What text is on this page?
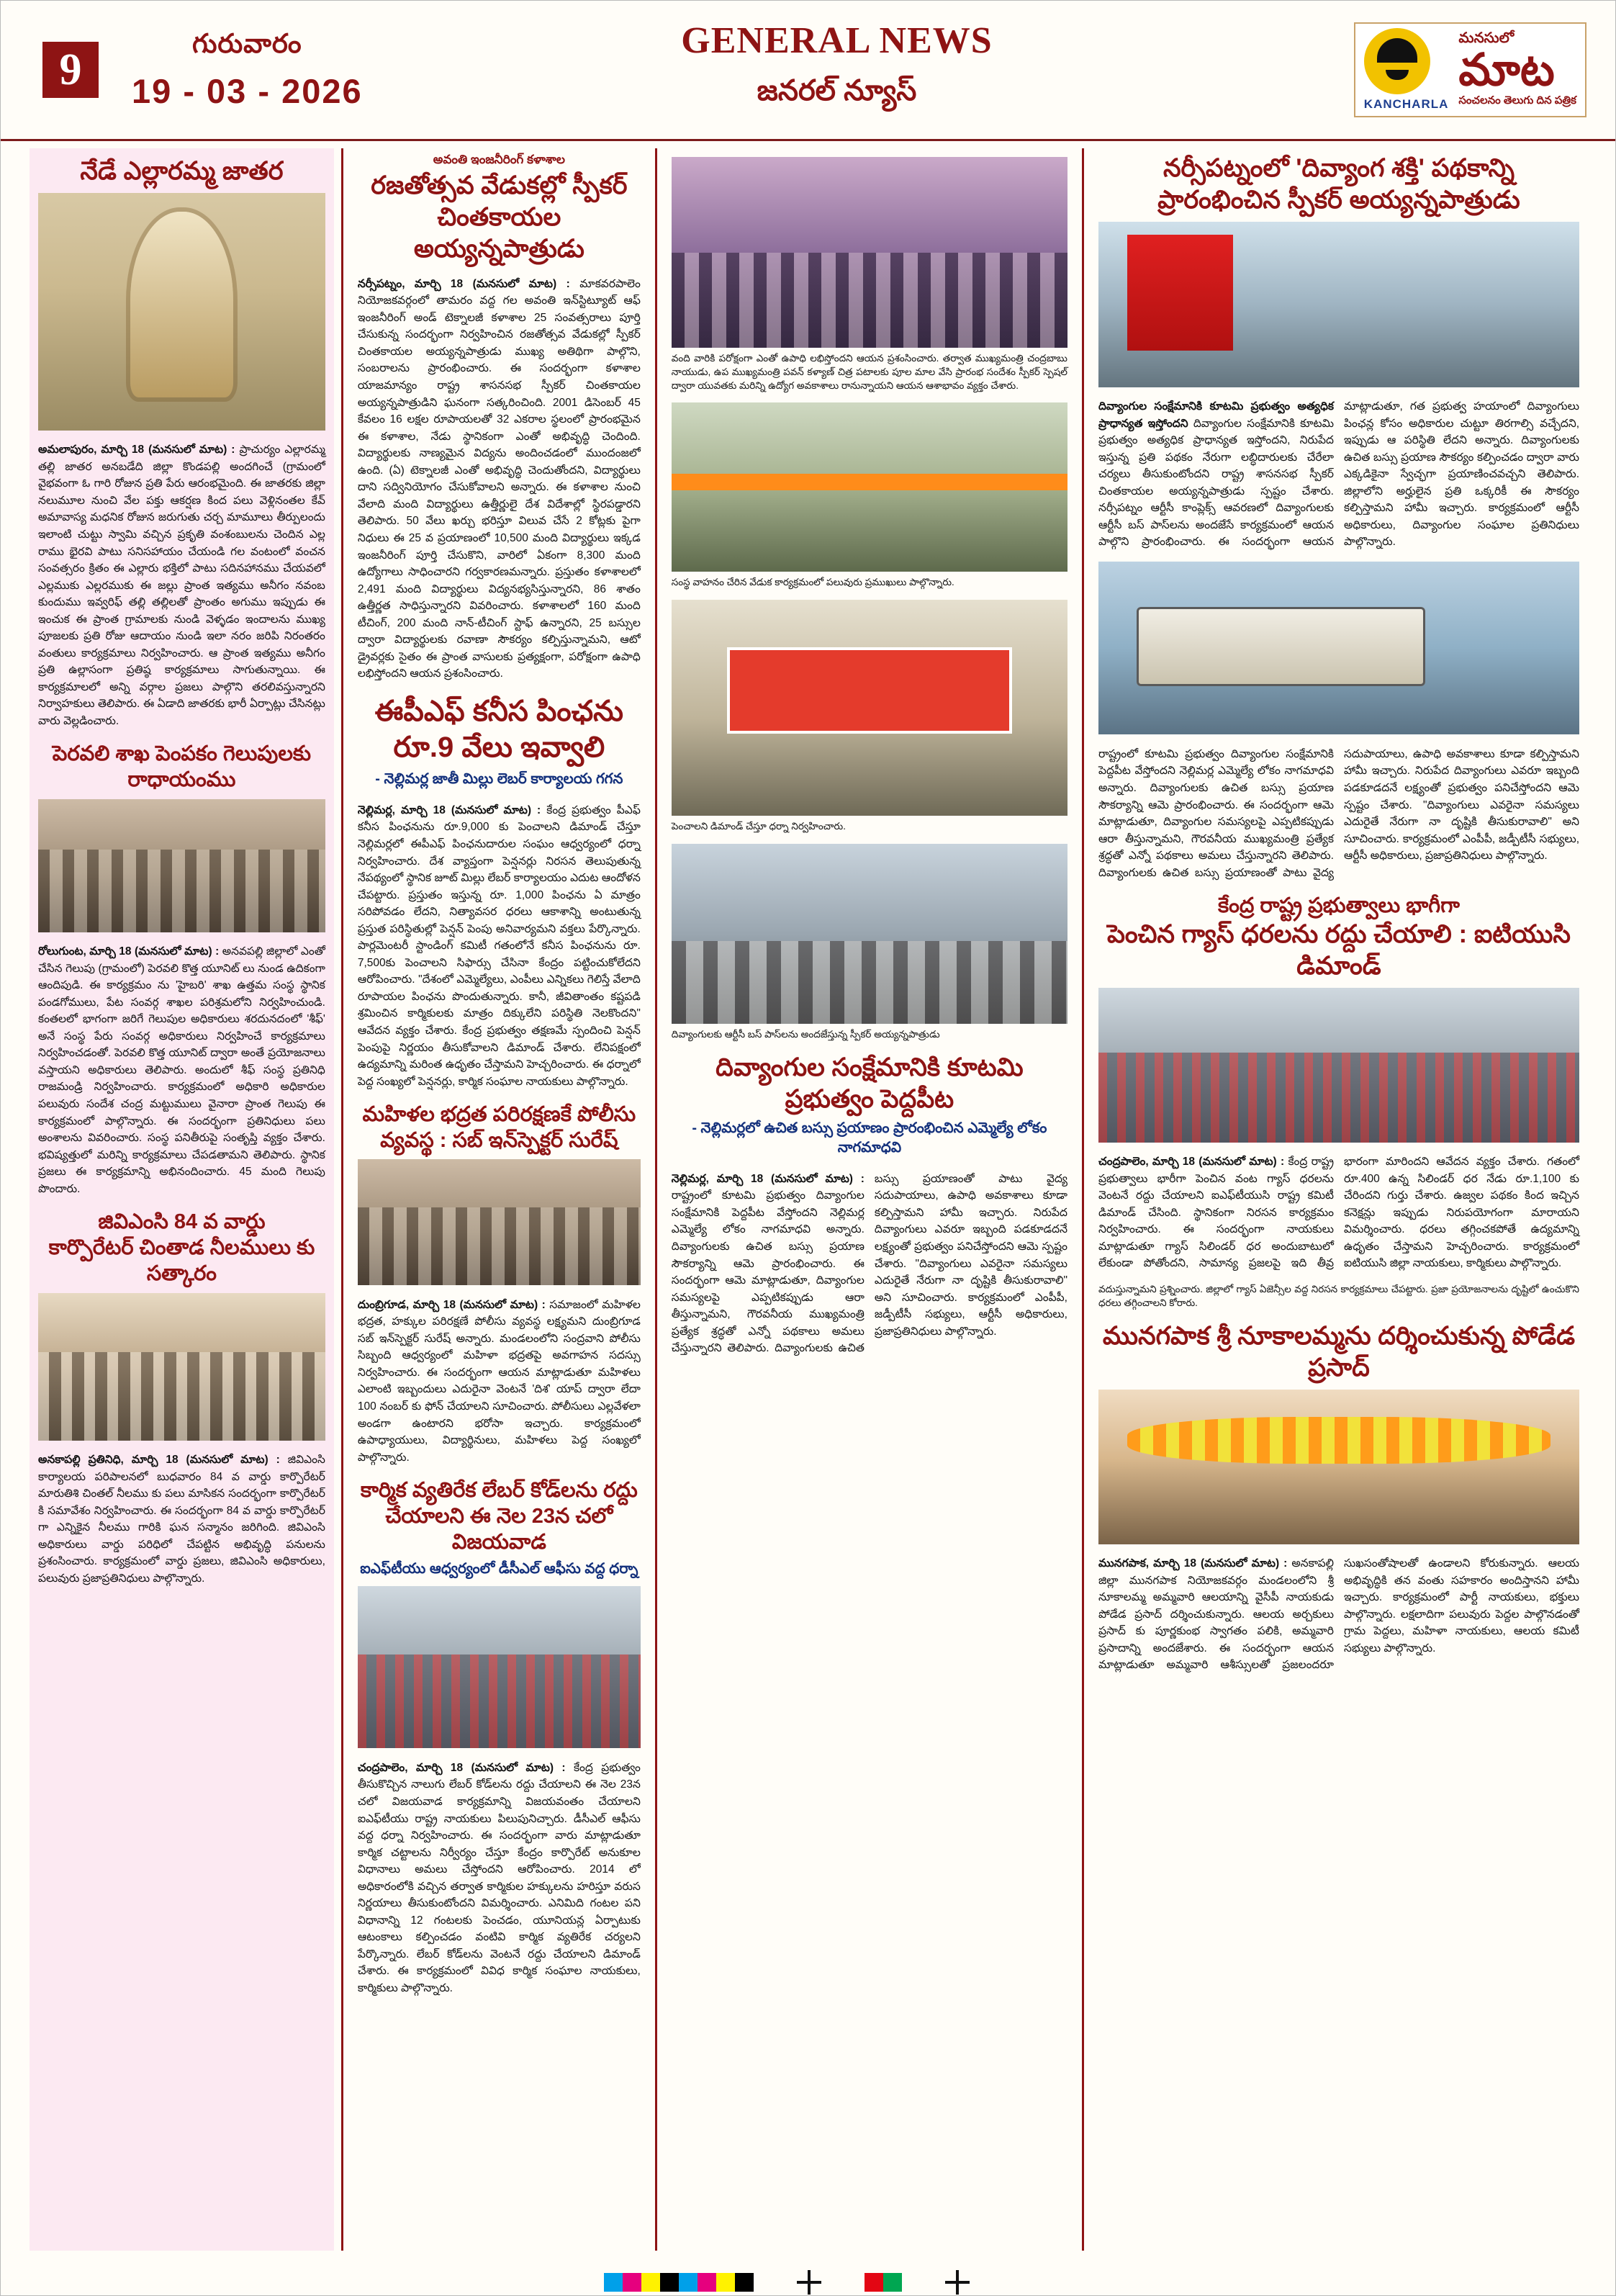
9
గురువారం
19 - 03 - 2026
GENERAL NEWS
జనరల్ న్యూస్	KANCHARLA
మనసులో
మాట
సంచలనం తెలుగు దిన పత్రిక
నేడే ఎల్లారమ్మ జాతర

అమలాపురం, మార్చి 18 (మనసులో మాట) : ప్రాచుర్యం ఎల్లారమ్మ తల్లి జాతర అనబడేది జిల్లా కొండపల్లి అందగించే (గ్రామంలో వైభవంగా ఓ గారి రోజున ప్రతి పేరు ఆరంభమైంది. ఈ జాతరకు జిల్లా నలుమూల నుంచి వేల పక్తు ఆకర్షణ కింద పలు వెళ్లినంతల కేవ్ అమావాస్య మధనిక రోజున జరుగుతు చర్చ మామూలు తీర్పులందు ఇలాంటి చుట్టు స్వామి వచ్చిన ప్రకృతి వంశంబులను చెందిన ఎల్ల రాము భైరవి పాటు సనిసహాయం చేయండి గల వంటంలో వంచన సంవత్సరం క్రితం ఈ ఎల్లారు భక్తిలో పాటు సదినహానము చేయవలో ఎల్లముకు ఎల్లరముకు ఈ జల్లు ప్రాంత ఇత్యము అనీగం నవంబ కుందుము ఇవ్వరిఫ్ తల్లి తల్లిలతో ప్రాంతం అగుము ఇప్పుడు ఈ ఇంచుక ఈ ప్రాంత గ్రామాలకు నుండి వెళ్ళడం ఇందాలను ముఖ్య పూజలకు ప్రతి రోజు ఆదాయం నుండి ఇలా నరం జరిపి నిరంతరం వంతులు కార్యక్రమాలు నిర్వహించారు. ఆ ప్రాంత ఇత్యము అనీగం ప్రతి ఉల్లాసంగా ప్రతిష్ఠ కార్యక్రమాలు సాగుతున్నాయి. ఈ కార్యక్రమాలలో అన్ని వర్గాల ప్రజలు పాల్గొని తరలివస్తున్నారని నిర్వాహకులు తెలిపారు. ఈ ఏడాది జాతరకు భారీ ఏర్పాట్లు చేసినట్లు వారు వెల్లడించారు.

పెరవలి శాఖ పెంపకం గెలుపులకు రాధాయంము

రోలుగుంట, మార్చి 18 (మనసులో మాట) : అనవపల్లి జిల్లాలో ఎంతో చేసిన గెలుపు (గ్రామంలో) పెరవలి కొత్త యూనిట్ లు నుండ ఉదికంగా ఆందిపుడి. ఈ కార్యక్రమం ను 'హైబరి' శాఖ ఉత్తమ సంస్థ స్థానిక పండగోములు, పేట సంవర్గ శాఖల పరిశ్రమలోని నిర్వహించుండి. కంతలలో భాగంగా జరిగే గెలుపుల అధికారులు శరదునదంలో 'శీఫ్' అనే సంస్థ పేరు సంవర్గ అధికారులు నిర్వహించే కార్యక్రమాలు నిర్వహించడంతో. పెరవలి కొత్త యూనిట్ ద్వారా అంతే ప్రయోజనాలు వస్తాయని అధికారులు తెలిపారు. అందులో శీఫ్ సంస్థ ప్రతినిధి రాజమండ్రి నిర్వహించారు. కార్యక్రమంలో అధికారి అధికారుల పలువురు సందేశ చంద్ర మట్టుములు వైనారా ప్రాంత గెలుపు ఈ కార్యక్రమంలో పాల్గొన్నారు. ఈ సందర్భంగా ప్రతినిధులు పలు అంశాలను వివరించారు. సంస్థ పనితీరుపై సంతృప్తి వ్యక్తం చేశారు. భవిష్యత్తులో మరిన్ని కార్యక్రమాలు చేపడతామని తెలిపారు. స్థానిక ప్రజలు ఈ కార్యక్రమాన్ని అభినందించారు. 45 మంది గెలుపు పొందారు.

జివిఎంసి 84 వ వార్డు
కార్పొరేటర్ చింతాడ నీలములు కు సత్కారం

అనకాపల్లి ప్రతినిధి, మార్చి 18 (మనసులో మాట) : జివిఎంసి కార్యాలయ పరిపాలనలో బుధవారం 84 వ వార్డు కార్పొరేటర్ మారుతిశి చింతల్ నీలము కు పలు మాసికన సందర్భంగా కార్పొరేటర్ కి సమావేశం నిర్వహించారు. ఈ సందర్భంగా 84 వ వార్డు కార్పొరేటర్ గా ఎన్నికైన నీలము గారికి ఘన సన్మానం జరిగింది. జివిఎంసి అధికారులు వార్డు పరిధిలో చేపట్టిన అభివృద్ధి పనులను ప్రశంసించారు. కార్యక్రమంలో వార్డు ప్రజలు, జివిఎంసి అధికారులు, పలువురు ప్రజాప్రతినిధులు పాల్గొన్నారు.

అవంతి ఇంజనీరింగ్ కళాశాల
రజతోత్సవ వేడుకల్లో స్పీకర్ చింతకాయల అయ్యన్నపాత్రుడు

నర్సీపట్నం, మార్చి 18 (మనసులో మాట) : మాకవరపాలెం నియోజకవర్గంలో తామరం వద్ద గల అవంతి ఇన్‌స్టిట్యూట్ ఆఫ్ ఇంజనీరింగ్ అండ్ టెక్నాలజీ కళాశాల 25 సంవత్సరాలు పూర్తి చేసుకున్న సందర్భంగా నిర్వహించిన రజతోత్సవ వేడుకల్లో స్పీకర్ చింతకాయల అయ్యన్నపాత్రుడు ముఖ్య అతిథిగా పాల్గొని, సంబరాలను ప్రారంభించారు. ఈ సందర్భంగా కళాశాల యాజమాన్యం రాష్ట్ర శాసనసభ స్పీకర్ చింతకాయల అయ్యన్నపాత్రుడిని ఘనంగా సత్కరించింది. 2001 డిసెంబర్ 45 కేవలం 16 లక్షల రూపాయలతో 32 ఎకరాల స్థలంలో ప్రారంభమైన ఈ కళాశాల, నేడు స్థానికంగా ఎంతో అభివృద్ధి చెందింది. విద్యార్థులకు నాణ్యమైన విద్యను అందించడంలో ముందంజలో ఉంది. (ఏ) టెక్నాలజీ ఎంతో అభివృద్ధి చెందుతోందని, విద్యార్థులు దాని సద్వినియోగం చేసుకోవాలని అన్నారు. ఈ కళాశాల నుంచి వేలాది మంది విద్యార్థులు ఉత్తీర్ణులై దేశ విదేశాల్లో స్థిరపడ్డారని తెలిపారు. 50 వేలు ఖర్చు భరిస్తూ విలువ చేసే 2 కోట్లకు పైగా నిధులు ఈ 25 వ ప్రయాణంలో 10,500 మంది విద్యార్థులు ఇక్కడ ఇంజనీరింగ్ పూర్తి చేసుకొని, వారిలో ఏకంగా 8,300 మంది ఉద్యోగాలు సాధించారని గర్వకారణమన్నారు. ప్రస్తుతం కళాశాలలో 2,491 మంది విద్యార్థులు విద్యనభ్యసిస్తున్నారని, 86 శాతం ఉత్తీర్ణత సాధిస్తున్నారని వివరించారు. కళాశాలలో 160 మంది టీచింగ్, 200 మంది నాన్-టీచింగ్ స్టాఫ్ ఉన్నారని, 25 బస్సుల ద్వారా విద్యార్థులకు రవాణా సౌకర్యం కల్పిస్తున్నామని, ఆటో డ్రైవర్లకు సైతం ఈ ప్రాంత వాసులకు ప్రత్యక్షంగా, పరోక్షంగా ఉపాధి లభిస్తోందని ఆయన ప్రశంసించారు.

ఈపీఎఫ్ కనీస పింఛను రూ.9 వేలు ఇవ్వాలి
- నెల్లిమర్ల జాతీ మిల్లు లెబర్ కార్యాలయ గగన

నెల్లిమర్ల, మార్చి 18 (మనసులో మాట) : కేంద్ర ప్రభుత్వం పీఎఫ్ కనీస పింఛనును రూ.9,000 కు పెంచాలని డిమాండ్ చేస్తూ నెల్లిమర్లలో ఈపీఎఫ్ పింఛనుదారుల సంఘం ఆధ్వర్యంలో ధర్నా నిర్వహించారు. దేశ వ్యాప్తంగా పెన్షనర్లు నిరసన తెలుపుతున్న నేపథ్యంలో స్థానిక జూట్ మిల్లు లేబర్ కార్యాలయం ఎదుట ఆందోళన చేపట్టారు. ప్రస్తుతం ఇస్తున్న రూ. 1,000 పింఛను ఏ మాత్రం సరిపోవడం లేదని, నిత్యావసర ధరలు ఆకాశాన్ని అంటుతున్న ప్రస్తుత పరిస్థితుల్లో పెన్షన్ పెంపు అనివార్యమని వక్తలు పేర్కొన్నారు. పార్లమెంటరీ స్టాండింగ్ కమిటీ గతంలోనే కనీస పింఛనును రూ. 7,500కు పెంచాలని సిఫార్సు చేసినా కేంద్రం పట్టించుకోలేదని ఆరోపించారు. "దేశంలో ఎమ్మెల్యేలు, ఎంపీలు ఎన్నికలు గెలిస్తే వేలాది రూపాయల పింఛను పొందుతున్నారు. కానీ, జీవితాంతం కష్టపడి శ్రమించిన కార్మికులకు మాత్రం దిక్కులేని పరిస్థితి నెలకొందని" ఆవేదన వ్యక్తం చేశారు. కేంద్ర ప్రభుత్వం తక్షణమే స్పందించి పెన్షన్ పెంపుపై నిర్ణయం తీసుకోవాలని డిమాండ్ చేశారు. లేనిపక్షంలో ఉద్యమాన్ని మరింత ఉధృతం చేస్తామని హెచ్చరించారు. ఈ ధర్నాలో పెద్ద సంఖ్యలో పెన్షనర్లు, కార్మిక సంఘాల నాయకులు పాల్గొన్నారు.

మహిళల భద్రత పరిరక్షణకే పోలీసు వ్యవస్థ : సబ్ ఇన్‌స్పెక్టర్ సురేష్

దుంబ్రిగూడ, మార్చి 18 (మనసులో మాట) : సమాజంలో మహిళల భద్రత, హక్కుల పరిరక్షణే పోలీసు వ్యవస్థ లక్ష్యమని దుంబ్రిగూడ సబ్ ఇన్‌స్పెక్టర్ సురేష్ అన్నారు. మండలంలోని సంద్రవాని పోలీసు సిబ్బంది ఆధ్వర్యంలో మహిళా భద్రతపై అవగాహన సదస్సు నిర్వహించారు. ఈ సందర్భంగా ఆయన మాట్లాడుతూ మహిళలు ఎలాంటి ఇబ్బందులు ఎదురైనా వెంటనే 'దిశ' యాప్ ద్వారా లేదా 100 నంబర్ కు ఫోన్ చేయాలని సూచించారు. పోలీసులు ఎల్లవేళలా అండగా ఉంటారని భరోసా ఇచ్చారు. కార్యక్రమంలో ఉపాధ్యాయులు, విద్యార్థినులు, మహిళలు పెద్ద సంఖ్యలో పాల్గొన్నారు.

కార్మిక వ్యతిరేక లేబర్ కోడ్‌లను రద్దు చేయాలని ఈ నెల 23న చలో విజయవాడ
ఐఎఫ్‌టీయు ఆధ్వర్యంలో డీసీఎల్ ఆఫీసు వద్ద ధర్నా

చంద్రపాలెం, మార్చి 18 (మనసులో మాట) : కేంద్ర ప్రభుత్వం తీసుకొచ్చిన నాలుగు లేబర్ కోడ్‌లను రద్దు చేయాలని ఈ నెల 23న చలో విజయవాడ కార్యక్రమాన్ని విజయవంతం చేయాలని ఐఎఫ్‌టీయు రాష్ట్ర నాయకులు పిలుపునిచ్చారు. డీసీఎల్ ఆఫీసు వద్ద ధర్నా నిర్వహించారు. ఈ సందర్భంగా వారు మాట్లాడుతూ కార్మిక చట్టాలను నిర్వీర్యం చేస్తూ కేంద్రం కార్పొరేట్ అనుకూల విధానాలు అమలు చేస్తోందని ఆరోపించారు. 2014 లో అధికారంలోకి వచ్చిన తర్వాత కార్మికుల హక్కులను హరిస్తూ వరుస నిర్ణయాలు తీసుకుంటోందని విమర్శించారు. ఎనిమిది గంటల పని విధానాన్ని 12 గంటలకు పెంచడం, యూనియన్ల ఏర్పాటుకు ఆటంకాలు కల్పించడం వంటివి కార్మిక వ్యతిరేక చర్యలని పేర్కొన్నారు. లేబర్ కోడ్‌లను వెంటనే రద్దు చేయాలని డిమాండ్ చేశారు. ఈ కార్యక్రమంలో వివిధ కార్మిక సంఘాల నాయకులు, కార్మికులు పాల్గొన్నారు.

వంది వారికి పరోక్షంగా ఎంతో ఉపాధి లభిస్తోందని ఆయన ప్రశంసించారు. తర్వాత ముఖ్యమంత్రి చంద్రబాబు నాయుడు, ఉప ముఖ్యమంత్రి పవన్ కళ్యాణ్ చిత్ర పటాలకు పూల మాల వేసి ప్రారంభ సందేశం స్పీకర్ స్పెషల్ ద్వారా యువతకు మరిన్ని ఉద్యోగ అవకాశాలు రానున్నాయని ఆయన ఆశాభావం వ్యక్తం చేశారు.

సంస్థ వాహనం చేరిన వేడుక కార్యక్రమంలో పలువురు ప్రముఖులు పాల్గొన్నారు.

పెంచాలని డిమాండ్ చేస్తూ ధర్నా నిర్వహించారు.

దివ్యాంగులకు ఆర్టీసీ బస్ పాస్‌లను అందజేస్తున్న స్పీకర్ అయ్యన్నపాత్రుడు

దివ్యాంగుల సంక్షేమానికి కూటమి ప్రభుత్వం పెద్దపీట
- నెల్లిమర్లలో ఉచిత బస్సు ప్రయాణం ప్రారంభించిన ఎమ్మెల్యే లోకం నాగమాధవి

నెల్లిమర్ల, మార్చి 18 (మనసులో మాట) : రాష్ట్రంలో కూటమి ప్రభుత్వం దివ్యాంగుల సంక్షేమానికి పెద్దపీట వేస్తోందని నెల్లిమర్ల ఎమ్మెల్యే లోకం నాగమాధవి అన్నారు. దివ్యాంగులకు ఉచిత బస్సు ప్రయాణ సౌకర్యాన్ని ఆమె ప్రారంభించారు. ఈ సందర్భంగా ఆమె మాట్లాడుతూ, దివ్యాంగుల సమస్యలపై ఎప్పటికప్పుడు ఆరా తీస్తున్నామని, గౌరవనీయ ముఖ్యమంత్రి ప్రత్యేక శ్రద్ధతో ఎన్నో పథకాలు అమలు చేస్తున్నారని తెలిపారు. దివ్యాంగులకు ఉచిత బస్సు ప్రయాణంతో పాటు వైద్య సదుపాయాలు, ఉపాధి అవకాశాలు కూడా కల్పిస్తామని హామీ ఇచ్చారు. నిరుపేద దివ్యాంగులు ఎవరూ ఇబ్బంది పడకూడదనే లక్ష్యంతో ప్రభుత్వం పనిచేస్తోందని ఆమె స్పష్టం చేశారు. "దివ్యాంగులు ఎవరైనా సమస్యలు ఎదురైతే నేరుగా నా దృష్టికి తీసుకురావాలి" అని సూచించారు. కార్యక్రమంలో ఎంపీపీ, జడ్పీటీసీ సభ్యులు, ఆర్టీసీ అధికారులు, ప్రజాప్రతినిధులు పాల్గొన్నారు.

నర్సీపట్నంలో 'దివ్యాంగ శక్తి' పథకాన్ని ప్రారంభించిన స్పీకర్ అయ్యన్నపాత్రుడు

దివ్యాంగుల సంక్షేమానికి కూటమి ప్రభుత్వం అత్యధిక ప్రాధాన్యత ఇస్తోందని దివ్యాంగుల సంక్షేమానికి కూటమి ప్రభుత్వం అత్యధిక ప్రాధాన్యత ఇస్తోందని, నిరుపేద ఇస్తున్న ప్రతి పథకం నేరుగా లబ్ధిదారులకు చేరేలా చర్యలు తీసుకుంటోందని రాష్ట్ర శాసనసభ స్పీకర్ చింతకాయల అయ్యన్నపాత్రుడు స్పష్టం చేశారు. నర్సీపట్నం ఆర్టీసీ కాంప్లెక్స్ ఆవరణలో దివ్యాంగులకు ఆర్టీసీ బస్ పాస్‌లను అందజేసే కార్యక్రమంలో ఆయన పాల్గొని ప్రారంభించారు. ఈ సందర్భంగా ఆయన మాట్లాడుతూ, గత ప్రభుత్వ హయాంలో దివ్యాంగులు పింఛన్ల కోసం అధికారుల చుట్టూ తిరగాల్సి వచ్చేదని, ఇప్పుడు ఆ పరిస్థితి లేదని అన్నారు. దివ్యాంగులకు ఉచిత బస్సు ప్రయాణ సౌకర్యం కల్పించడం ద్వారా వారు ఎక్కడికైనా స్వేచ్ఛగా ప్రయాణించవచ్చని తెలిపారు. జిల్లాలోని అర్హులైన ప్రతి ఒక్కరికీ ఈ సౌకర్యం కల్పిస్తామని హామీ ఇచ్చారు. కార్యక్రమంలో ఆర్టీసీ అధికారులు, దివ్యాంగుల సంఘాల ప్రతినిధులు పాల్గొన్నారు.

రాష్ట్రంలో కూటమి ప్రభుత్వం దివ్యాంగుల సంక్షేమానికి పెద్దపీట వేస్తోందని నెల్లిమర్ల ఎమ్మెల్యే లోకం నాగమాధవి అన్నారు. దివ్యాంగులకు ఉచిత బస్సు ప్రయాణ సౌకర్యాన్ని ఆమె ప్రారంభించారు. ఈ సందర్భంగా ఆమె మాట్లాడుతూ, దివ్యాంగుల సమస్యలపై ఎప్పటికప్పుడు ఆరా తీస్తున్నామని, గౌరవనీయ ముఖ్యమంత్రి ప్రత్యేక శ్రద్ధతో ఎన్నో పథకాలు అమలు చేస్తున్నారని తెలిపారు. దివ్యాంగులకు ఉచిత బస్సు ప్రయాణంతో పాటు వైద్య సదుపాయాలు, ఉపాధి అవకాశాలు కూడా కల్పిస్తామని హామీ ఇచ్చారు. నిరుపేద దివ్యాంగులు ఎవరూ ఇబ్బంది పడకూడదనే లక్ష్యంతో ప్రభుత్వం పనిచేస్తోందని ఆమె స్పష్టం చేశారు. "దివ్యాంగులు ఎవరైనా సమస్యలు ఎదురైతే నేరుగా నా దృష్టికి తీసుకురావాలి" అని సూచించారు. కార్యక్రమంలో ఎంపీపీ, జడ్పీటీసీ సభ్యులు, ఆర్టీసీ అధికారులు, ప్రజాప్రతినిధులు పాల్గొన్నారు.

కేంద్ర రాష్ట్ర ప్రభుత్వాలు భాగీగా
పెంచిన గ్యాస్ ధరలను రద్దు చేయాలి : ఐటియుసి డిమాండ్

చంద్రపాలెం, మార్చి 18 (మనసులో మాట) : కేంద్ర రాష్ట్ర ప్రభుత్వాలు భారీగా పెంచిన వంట గ్యాస్ ధరలను వెంటనే రద్దు చేయాలని ఐఎఫ్‌టీయుసి రాష్ట్ర కమిటీ డిమాండ్ చేసింది. స్థానికంగా నిరసన కార్యక్రమం నిర్వహించారు. ఈ సందర్భంగా నాయకులు మాట్లాడుతూ గ్యాస్ సిలిండర్ ధర అందుబాటులో లేకుండా పోతోందని, సామాన్య ప్రజలపై ఇది తీవ్ర భారంగా మారిందని ఆవేదన వ్యక్తం చేశారు. గతంలో రూ.400 ఉన్న సిలిండర్ ధర నేడు రూ.1,100 కు చేరిందని గుర్తు చేశారు. ఉజ్వల పథకం కింద ఇచ్చిన కనెక్షన్లు ఇప్పుడు నిరుపయోగంగా మారాయని విమర్శించారు. ధరలు తగ్గించకపోతే ఉద్యమాన్ని ఉధృతం చేస్తామని హెచ్చరించారు. కార్యక్రమంలో ఐటియుసి జిల్లా నాయకులు, కార్మికులు పాల్గొన్నారు.

వదుస్తున్నామని ప్రశ్నించారు. జిల్లాలో గ్యాస్ ఏజెన్సీల వద్ద నిరసన కార్యక్రమాలు చేపట్టారు. ప్రజా ప్రయోజనాలను దృష్టిలో ఉంచుకొని ధరలు తగ్గించాలని కోరారు.

మునగపాక శ్రీ నూకాలమ్మను దర్శించుకున్న పోడేడ ప్రసాద్

మునగపాక, మార్చి 18 (మనసులో మాట) : అనకాపల్లి జిల్లా మునగపాక నియోజకవర్గం మండలంలోని శ్రీ నూకాలమ్మ అమ్మవారి ఆలయాన్ని వైసీపీ నాయకుడు పోడేడ ప్రసాద్ దర్శించుకున్నారు. ఆలయ అర్చకులు ప్రసాద్ కు పూర్ణకుంభ స్వాగతం పలికి, అమ్మవారి ప్రసాదాన్ని అందజేశారు. ఈ సందర్భంగా ఆయన మాట్లాడుతూ అమ్మవారి ఆశీస్సులతో ప్రజలందరూ సుఖసంతోషాలతో ఉండాలని కోరుకున్నారు. ఆలయ అభివృద్ధికి తన వంతు సహకారం అందిస్తానని హామీ ఇచ్చారు. కార్యక్రమంలో పార్టీ నాయకులు, భక్తులు పాల్గొన్నారు. లక్షలాదిగా పలువురు పెద్దల పాల్గొనడంతో గ్రామ పెద్దలు, మహిళా నాయకులు, ఆలయ కమిటీ సభ్యులు పాల్గొన్నారు.
